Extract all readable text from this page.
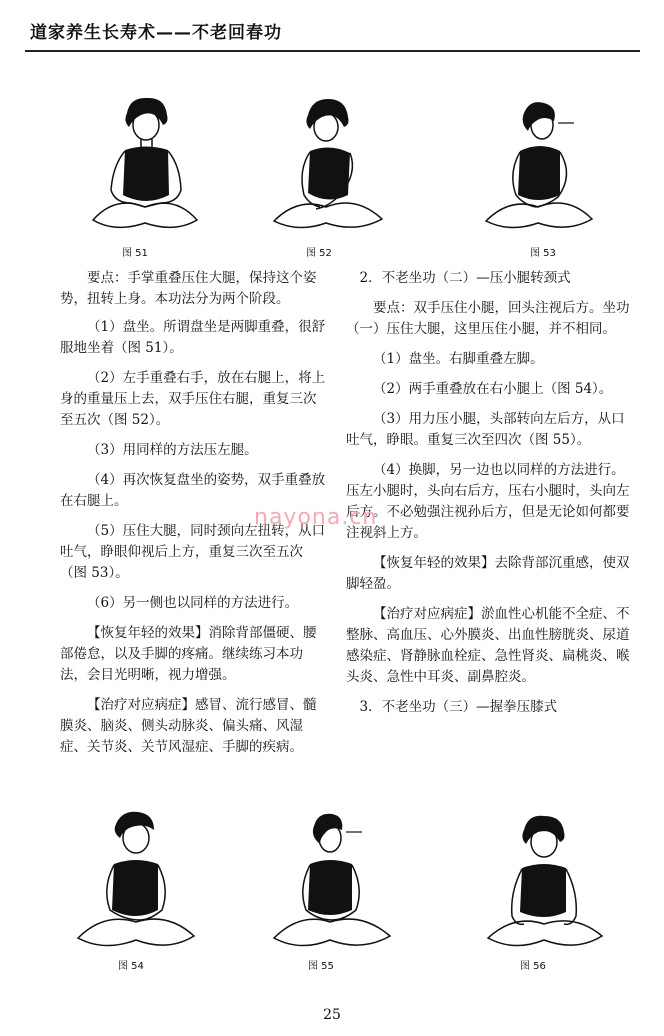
道家养生长寿术——不老回春功
图 51	图 52	图 53

要点：手掌重叠压住大腿，保持这个姿势，扭转上身。本功法分为两个阶段。

（1）盘坐。所谓盘坐是两脚重叠，很舒服地坐着（图 51）。

（2）左手重叠右手，放在右腿上，将上身的重量压上去，双手压住右腿，重复三次至五次（图 52）。

（3）用同样的方法压左腿。

（4）再次恢复盘坐的姿势，双手重叠放在右腿上。

（5）压住大腿，同时颈向左扭转，从口吐气，睁眼仰视后上方，重复三次至五次（图 53）。

（6）另一侧也以同样的方法进行。

【恢复年轻的效果】消除背部僵硬、腰部倦怠，以及手脚的疼痛。继续练习本功法，会目光明晰，视力增强。

【治疗对应病症】感冒、流行感冒、髓膜炎、脑炎、侧头动脉炎、偏头痛、风湿症、关节炎、关节风湿症、手脚的疾病。

2．不老坐功（二）—压小腿转颈式

要点：双手压住小腿，回头注视后方。坐功（一）压住大腿，这里压住小腿，并不相同。

（1）盘坐。右脚重叠左脚。

（2）两手重叠放在右小腿上（图 54）。

（3）用力压小腿，头部转向左后方，从口吐气，睁眼。重复三次至四次（图 55）。

（4）换脚，另一边也以同样的方法进行。压左小腿时，头向右后方，压右小腿时，头向左后方。不必勉强注视孙后方，但是无论如何都要注视斜上方。

【恢复年轻的效果】去除背部沉重感，使双脚轻盈。

【治疗对应病症】淤血性心机能不全症、不整脉、高血压、心外膜炎、出血性膀胱炎、尿道感染症、肾静脉血栓症、急性肾炎、扁桃炎、喉头炎、急性中耳炎、副鼻腔炎。

3．不老坐功（三）—握拳压膝式

nayona.cn
图 54	图 55	图 56
25
